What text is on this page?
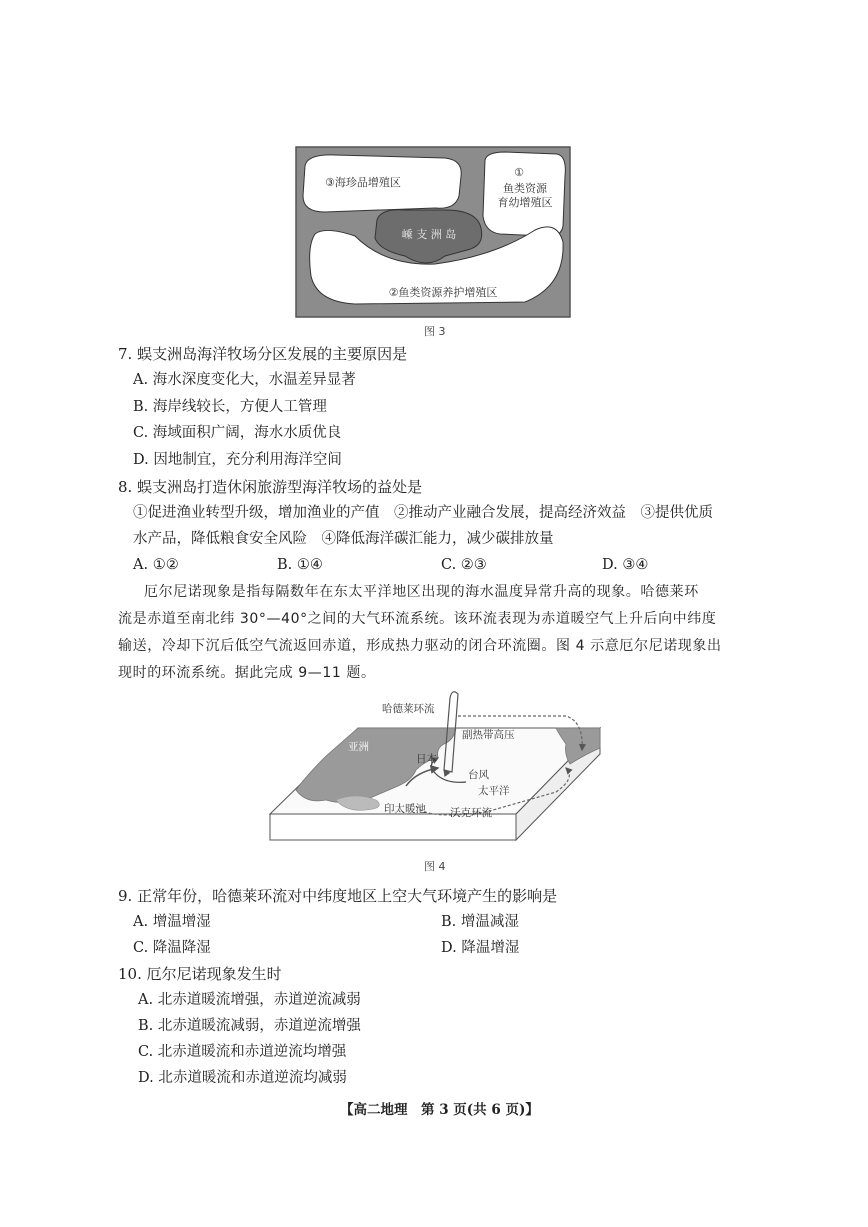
③海珍品增殖区
①
鱼类资源
育幼增殖区
嵊 支 洲 岛
②鱼类资源养护增殖区
图 3
7. 蜈支洲岛海洋牧场分区发展的主要原因是
A. 海水深度变化大，水温差异显著
B. 海岸线较长，方便人工管理
C. 海域面积广阔，海水水质优良
D. 因地制宜，充分利用海洋空间
8. 蜈支洲岛打造休闲旅游型海洋牧场的益处是
①促进渔业转型升级，增加渔业的产值　②推动产业融合发展，提高经济效益　③提供优质
水产品，降低粮食安全风险　④降低海洋碳汇能力，减少碳排放量
A. ①②	B. ①④	C. ②③	D. ③④
厄尔尼诺现象是指每隔数年在东太平洋地区出现的海水温度异常升高的现象。哈德莱环
流是赤道至南北纬 30°—40°之间的大气环流系统。该环流表现为赤道暖空气上升后向中纬度
输送，冷却下沉后低空气流返回赤道，形成热力驱动的闭合环流圈。图 4 示意厄尔尼诺现象出
现时的环流系统。据此完成 9—11 题。
哈德莱环流
副热带高压
亚洲
日本
台风
太平洋
印太暖池 沃克环流
图 4
9. 正常年份，哈德莱环流对中纬度地区上空大气环境产生的影响是
A. 增温增湿	B. 增温减湿
C. 降温降湿	D. 降温增湿
10. 厄尔尼诺现象发生时
A. 北赤道暖流增强，赤道逆流减弱
B. 北赤道暖流减弱，赤道逆流增强
C. 北赤道暖流和赤道逆流均增强
D. 北赤道暖流和赤道逆流均减弱
【高二地理　第 3 页(共 6 页)】
